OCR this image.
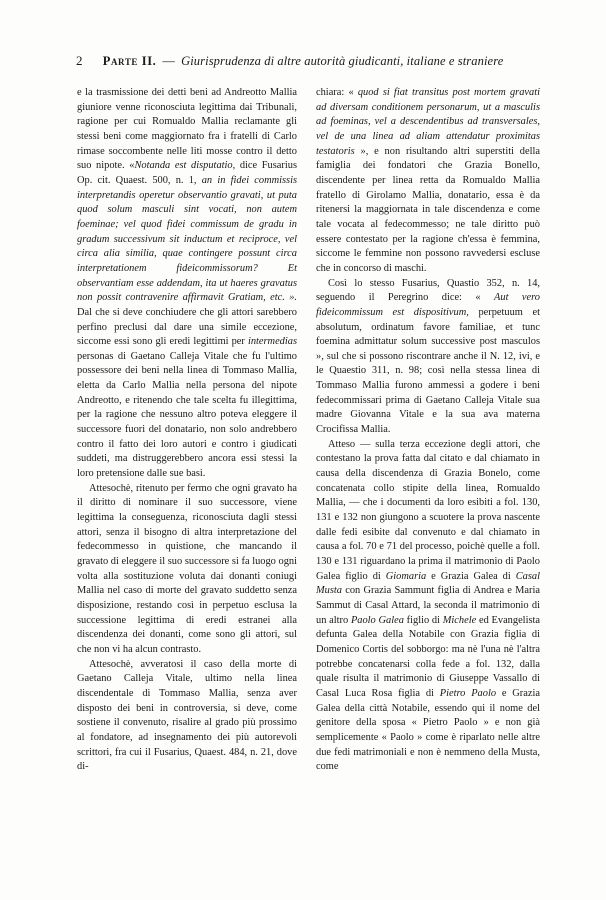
2 Parte II. — Giurisprudenza di altre autorità giudicanti, italiane e straniere

e la trasmissione dei detti beni ad Andreotto Mallia giuniore venne riconosciuta legittima dai Tribunali, ragione per cui Romualdo Mallia reclamante gli stessi beni come maggiornato fra i fratelli di Carlo rimase soccombente nelle liti mosse contro il detto suo nipote. «Notanda est disputatio, dice Fusarius Op. cit. Quaest. 500, n. 1, an in fidei commissis interpretandis operetur observantio gravati, ut puta quod solum masculi sint vocati, non autem foeminae; vel quod fidei commissum de gradu in gradum successivum sit inductum et reciproce, vel circa alia similia, quae contingere possunt circa interpretationem fideicommissorum? Et observantiam esse addendam, ita ut haeres gravatus non possit contravenire affirmavit Gratiam, etc. ». Dal che si deve conchiudere che gli attori sarebbero perfino preclusi dal dare una simile eccezione, siccome essi sono gli eredi legittimi per intermedias personas di Gaetano Calleja Vitale che fu l'ultimo possessore dei beni nella linea di Tommaso Mallia, eletta da Carlo Mallia nella persona del nipote Andreotto, e ritenendo che tale scelta fu illegittima, per la ragione che nessuno altro poteva eleggere il successore fuori del donatario, non solo andrebbero contro il fatto dei loro autori e contro i giudicati suddeti, ma distruggerebbero ancora essi stessi la loro pretensione dalle sue basi.

Attesochè, ritenuto per fermo che ogni gravato ha il diritto di nominare il suo successore, viene legittima la conseguenza, riconosciuta dagli stessi attori, senza il bisogno di altra interpretazione del fedecommesso in quistione, che mancando il gravato di eleggere il suo successore si fa luogo ogni volta alla sostituzione voluta dai donanti coniugi Mallia nel caso di morte del gravato suddetto senza disposizione, restando così in perpetuo esclusa la successione legittima di eredi estranei alla discendenza dei donanti, come sono gli attori, sul che non vi ha alcun contrasto.

Attesochè, avveratosi il caso della morte di Gaetano Calleja Vitale, ultimo nella linea discendentale di Tommaso Mallia, senza aver disposto dei beni in controversia, si deve, come sostiene il convenuto, risalire al grado più prossimo al fondatore, ad insegnamento dei più autorevoli scrittori, fra cui il Fusarius, Quaest. 484, n. 21, dove di-

chiara: « quod si fiat transitus post mortem gravati ad diversam conditionem personarum, ut a masculis ad foeminas, vel a descendentibus ad transversales, vel de una linea ad aliam attendatur proximitas testatoris », e non risultando altri superstiti della famiglia dei fondatori che Grazia Bonello, discendente per linea retta da Romualdo Mallia fratello di Girolamo Mallia, donatario, essa è da ritenersi la maggiornata in tale discendenza e come tale vocata al fedecommesso; ne tale diritto può essere contestato per la ragione ch'essa è femmina, siccome le femmine non possono ravvedersi escluse che in concorso di maschi.

Così lo stesso Fusarius, Quastio 352, n. 14, seguendo il Peregrino dice: « Aut vero fideicommissum est dispositivum, perpetuum et absolutum, ordinatum favore familiae, et tunc foemina admittatur solum successive post masculos », sul che si possono riscontrare anche il N. 12, ivi, e le Quaestio 311, n. 98; così nella stessa linea di Tommaso Mallia furono ammessi a godere i beni fedecommissari prima di Gaetano Calleja Vitale sua madre Giovanna Vitale e la sua ava materna Crocifissa Mallia.

Atteso — sulla terza eccezione degli attori, che contestano la prova fatta dal citato e dal chiamato in causa della discendenza di Grazia Bonelo, come concatenata collo stipite della linea, Romualdo Mallia, — che i documenti da loro esibiti a fol. 130, 131 e 132 non giungono a scuotere la prova nascente dalle fedi esibite dal convenuto e dal chiamato in causa a fol. 70 e 71 del processo, poichè quelle a foll. 130 e 131 riguardano la prima il matrimonio di Paolo Galea figlio di Giomaria e Grazia Galea di Casal Musta con Grazia Sammunt figlia di Andrea e Maria Sammut di Casal Attard, la seconda il matrimonio di un altro Paolo Galea figlio di Michele ed Evangelista defunta Galea della Notabile con Grazia figlia di Domenico Cortis del sobborgo: ma nè l'una nè l'altra potrebbe concatenarsi colla fede a fol. 132, dalla quale risulta il matrimonio di Giuseppe Vassallo di Casal Luca Rosa figlia di Pietro Paolo e Grazia Galea della città Notabile, essendo qui il nome del genitore della sposa « Pietro Paolo » e non già semplicemente « Paolo » come è riparlato nelle altre due fedi matrimoniali e non è nemmeno della Musta, come
